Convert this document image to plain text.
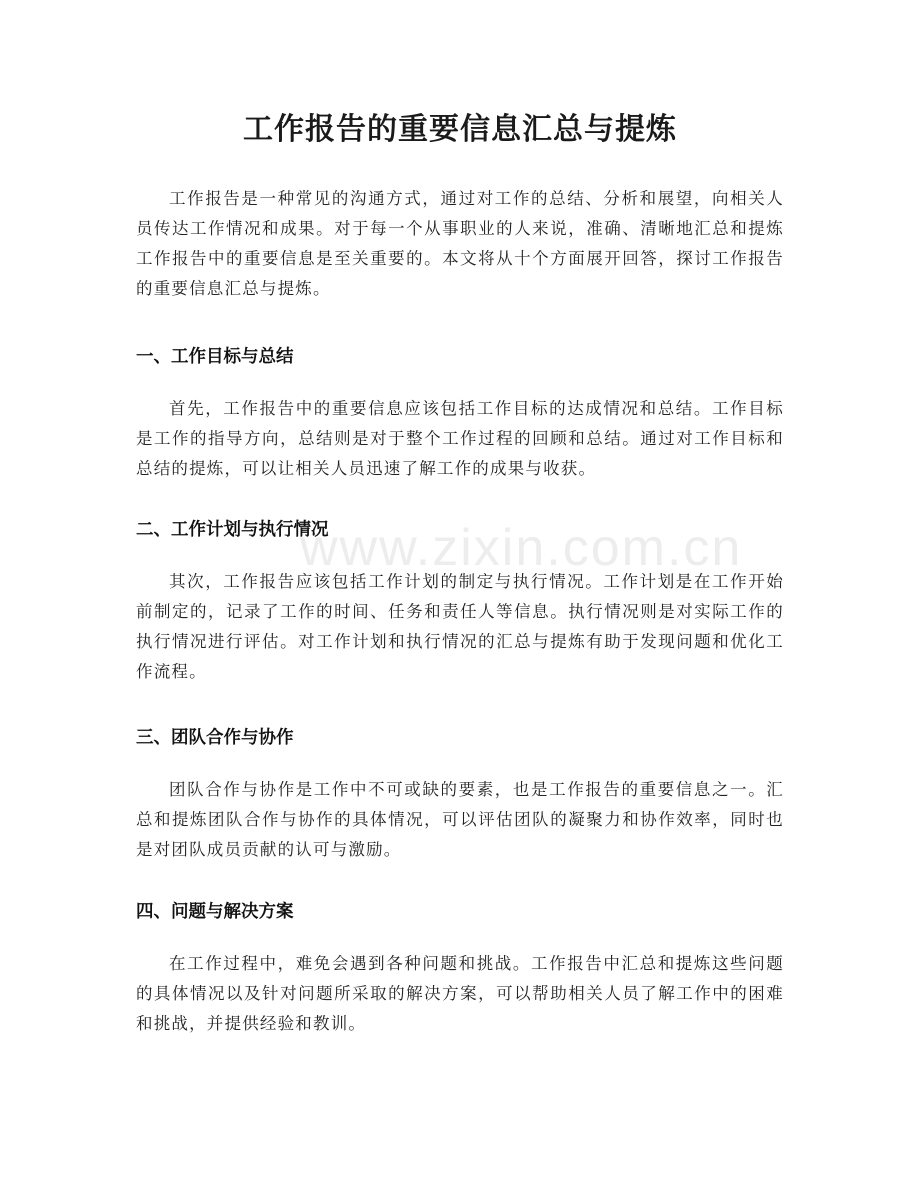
工作报告的重要信息汇总与提炼

工作报告是一种常见的沟通方式，通过对工作的总结、分析和展望，向相关人员传达工作情况和成果。对于每一个从事职业的人来说，准确、清晰地汇总和提炼工作报告中的重要信息是至关重要的。本文将从十个方面展开回答，探讨工作报告的重要信息汇总与提炼。

一、工作目标与总结

首先，工作报告中的重要信息应该包括工作目标的达成情况和总结。工作目标是工作的指导方向，总结则是对于整个工作过程的回顾和总结。通过对工作目标和总结的提炼，可以让相关人员迅速了解工作的成果与收获。

二、工作计划与执行情况

其次，工作报告应该包括工作计划的制定与执行情况。工作计划是在工作开始前制定的，记录了工作的时间、任务和责任人等信息。执行情况则是对实际工作的执行情况进行评估。对工作计划和执行情况的汇总与提炼有助于发现问题和优化工作流程。

三、团队合作与协作

团队合作与协作是工作中不可或缺的要素，也是工作报告的重要信息之一。汇总和提炼团队合作与协作的具体情况，可以评估团队的凝聚力和协作效率，同时也是对团队成员贡献的认可与激励。

四、问题与解决方案

在工作过程中，难免会遇到各种问题和挑战。工作报告中汇总和提炼这些问题的具体情况以及针对问题所采取的解决方案，可以帮助相关人员了解工作中的困难和挑战，并提供经验和教训。

www.zixin.com.cn
